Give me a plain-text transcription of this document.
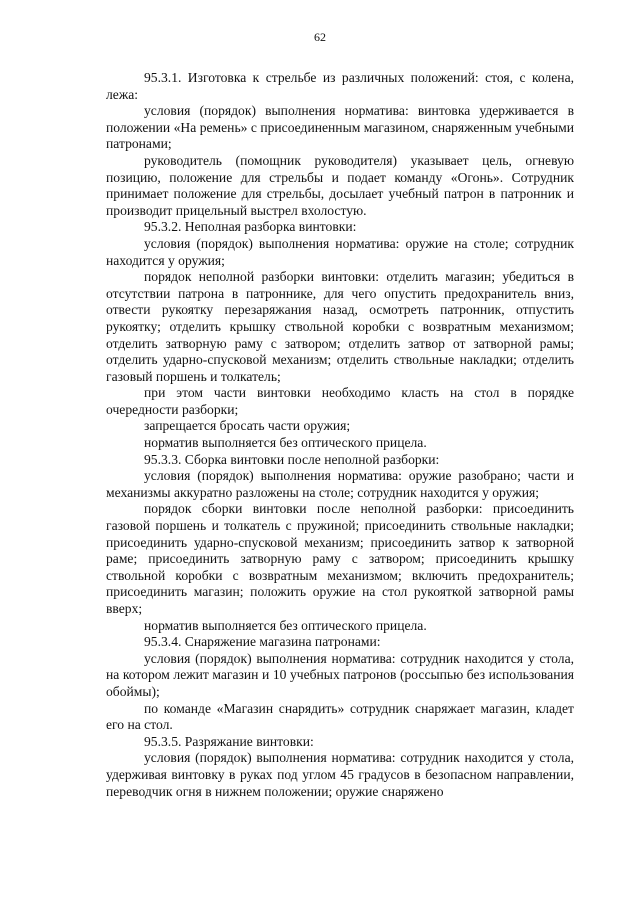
62

95.3.1. Изготовка к стрельбе из различных положений: стоя, с колена, лежа:

условия (порядок) выполнения норматива: винтовка удерживается в положении «На ремень» с присоединенным магазином, снаряженным учебными патронами;

руководитель (помощник руководителя) указывает цель, огневую позицию, положение для стрельбы и подает команду «Огонь». Сотрудник принимает положение для стрельбы, досылает учебный патрон в патронник и производит прицельный выстрел вхолостую.

95.3.2. Неполная разборка винтовки:

условия (порядок) выполнения норматива: оружие на столе; сотрудник находится у оружия;

порядок неполной разборки винтовки: отделить магазин; убедиться в отсутствии патрона в патроннике, для чего опустить предохранитель вниз, отвести рукоятку перезаряжания назад, осмотреть патронник, отпустить рукоятку; отделить крышку ствольной коробки с возвратным механизмом; отделить затворную раму с затвором; отделить затвор от затворной рамы; отделить ударно-спусковой механизм; отделить ствольные накладки; отделить газовый поршень и толкатель;

при этом части винтовки необходимо класть на стол в порядке очередности разборки;

запрещается бросать части оружия;

норматив выполняется без оптического прицела.

95.3.3. Сборка винтовки после неполной разборки:

условия (порядок) выполнения норматива: оружие разобрано; части и механизмы аккуратно разложены на столе; сотрудник находится у оружия;

порядок сборки винтовки после неполной разборки: присоединить газовой поршень и толкатель с пружиной; присоединить ствольные накладки; присоединить ударно-спусковой механизм; присоединить затвор к затворной раме; присоединить затворную раму с затвором; присоединить крышку ствольной коробки с возвратным механизмом; включить предохранитель; присоединить магазин; положить оружие на стол рукояткой затворной рамы вверх;

норматив выполняется без оптического прицела.

95.3.4. Снаряжение магазина патронами:

условия (порядок) выполнения норматива: сотрудник находится у стола, на котором лежит магазин и 10 учебных патронов (россыпью без использования обоймы);

по команде «Магазин снарядить» сотрудник снаряжает магазин, кладет его на стол.

95.3.5. Разряжание винтовки:

условия (порядок) выполнения норматива: сотрудник находится у стола, удерживая винтовку в руках под углом 45 градусов в безопасном направлении, переводчик огня в нижнем положении; оружие снаряжено
